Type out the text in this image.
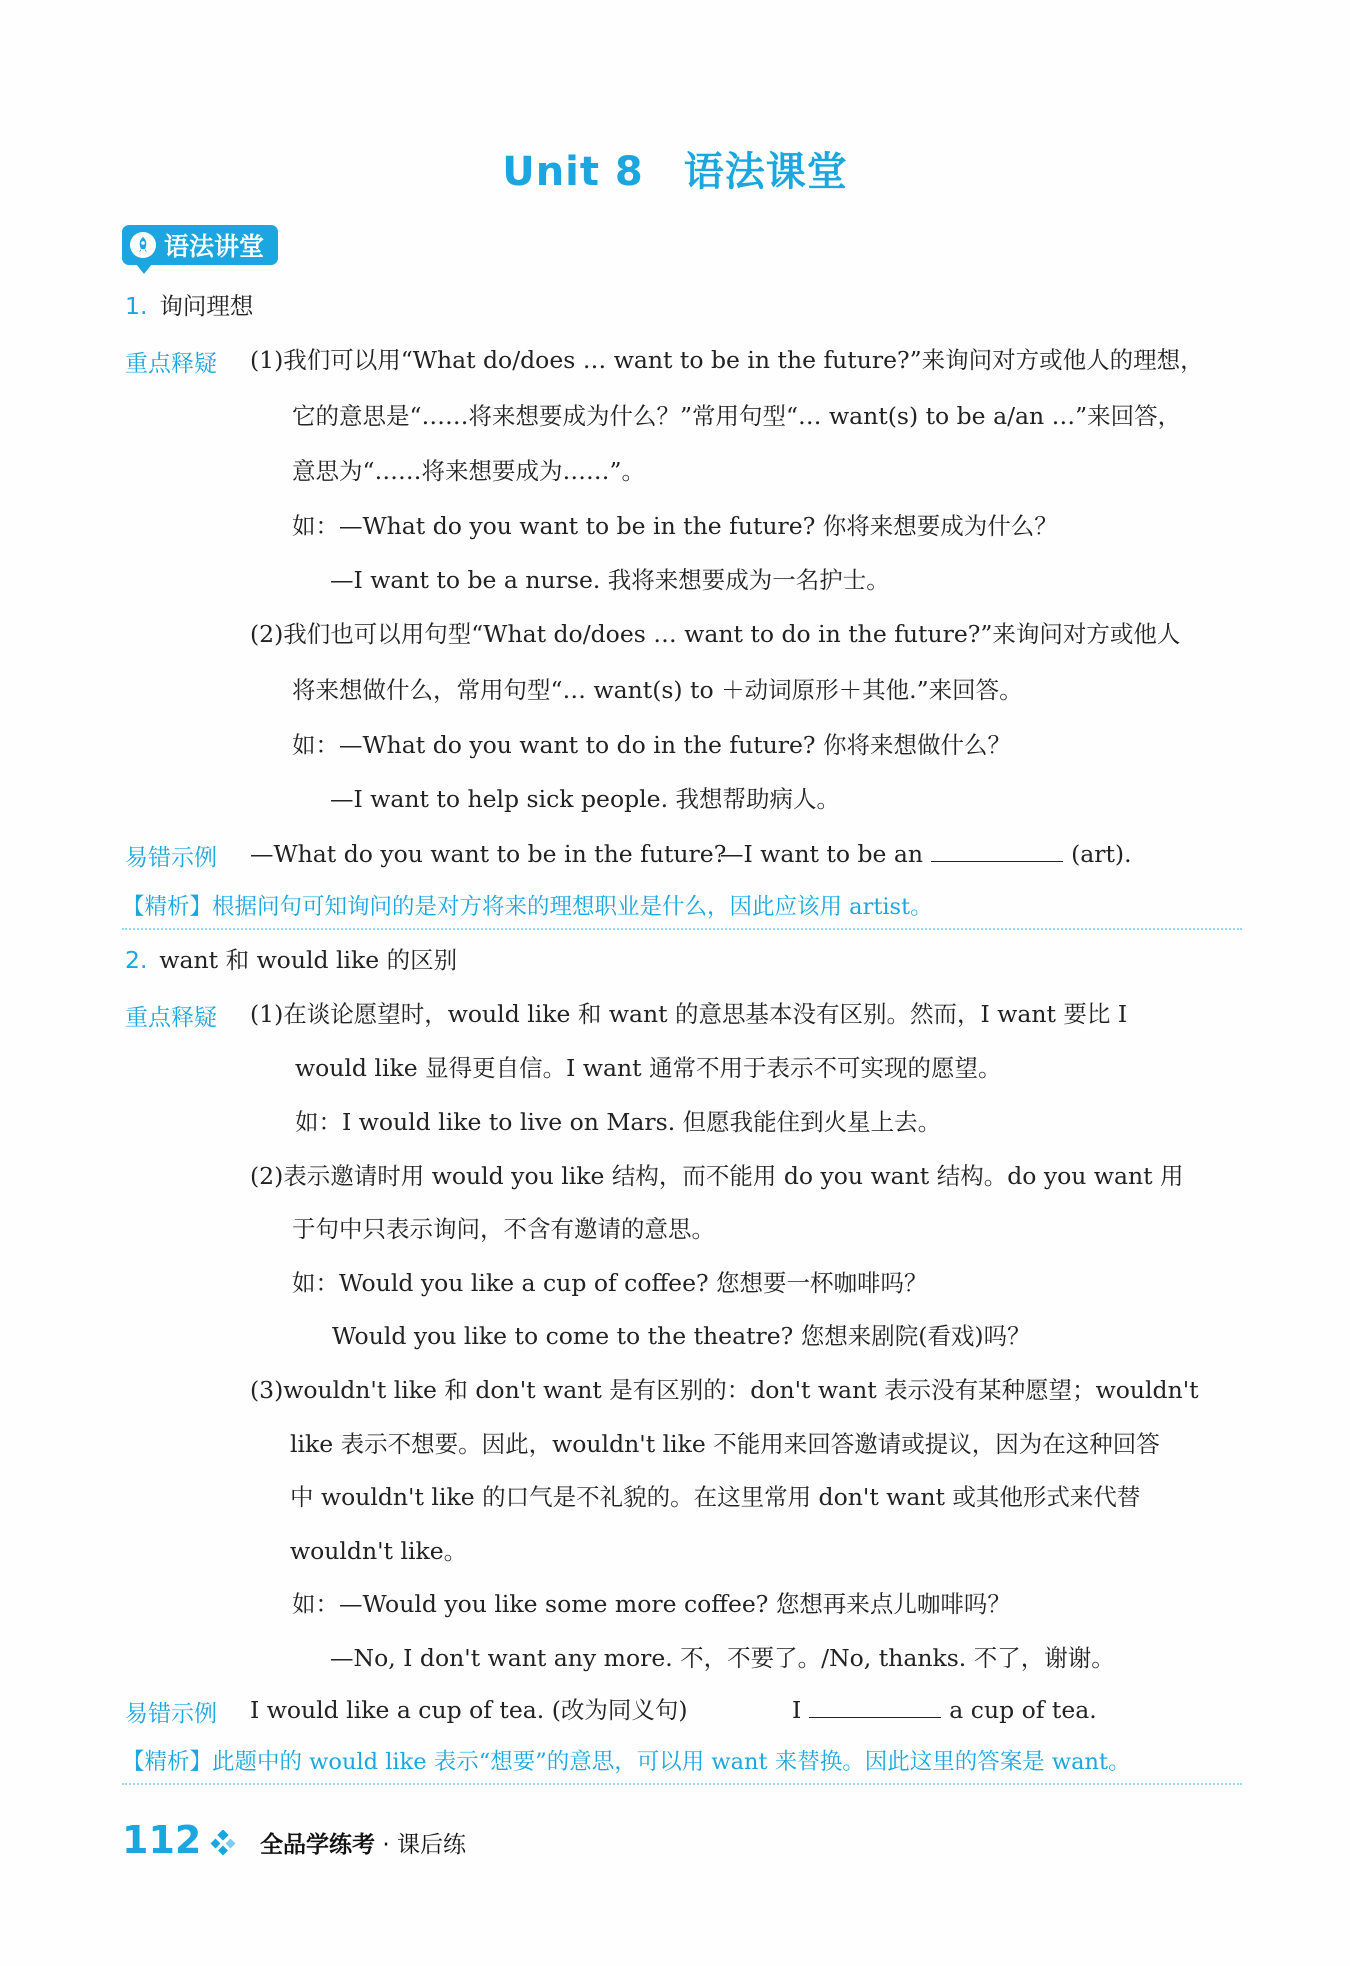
Unit 8 语法课堂
语法讲堂
1. 询问理想
重点释疑 (1)我们可以用“What do/does … want to be in the future?”来询问对方或他人的理想，
它的意思是“……将来想要成为什么？”常用句型“… want(s) to be a/an …”来回答，
意思为“……将来想要成为……”。
如：—What do you want to be in the future? 你将来想要成为什么？
—I want to be a nurse. 我将来想要成为一名护士。
(2)我们也可以用句型“What do/does … want to do in the future?”来询问对方或他人
将来想做什么，常用句型“… want(s) to ＋动词原形＋其他.”来回答。
如：—What do you want to do in the future? 你将来想做什么？
—I want to help sick people. 我想帮助病人。
易错示例 —What do you want to be in the future?
—I want to be an	(art).
【精析】根据问句可知询问的是对方将来的理想职业是什么，因此应该用 artist。
2. want 和 would like 的区别
重点释疑 (1)在谈论愿望时，would like 和 want 的意思基本没有区别。然而，I want 要比 I
would like 显得更自信。I want 通常不用于表示不可实现的愿望。
如：I would like to live on Mars. 但愿我能住到火星上去。
(2)表示邀请时用 would you like 结构，而不能用 do you want 结构。do you want 用
于句中只表示询问，不含有邀请的意思。
如：Would you like a cup of coffee? 您想要一杯咖啡吗？
Would you like to come to the theatre? 您想来剧院(看戏)吗？
(3)wouldn't like 和 don't want 是有区别的：don't want 表示没有某种愿望；wouldn't
like 表示不想要。因此，wouldn't like 不能用来回答邀请或提议，因为在这种回答
中 wouldn't like 的口气是不礼貌的。在这里常用 don't want 或其他形式来代替
wouldn't like。
如：—Would you like some more coffee? 您想再来点儿咖啡吗？
—No, I don't want any more. 不，不要了。/No, thanks. 不了，谢谢。
易错示例 I would like a cup of tea. (改为同义句)	I	a cup of tea.
【精析】此题中的 would like 表示“想要”的意思，可以用 want 来替换。因此这里的答案是 want。
112	全品学练考 · 课后练
